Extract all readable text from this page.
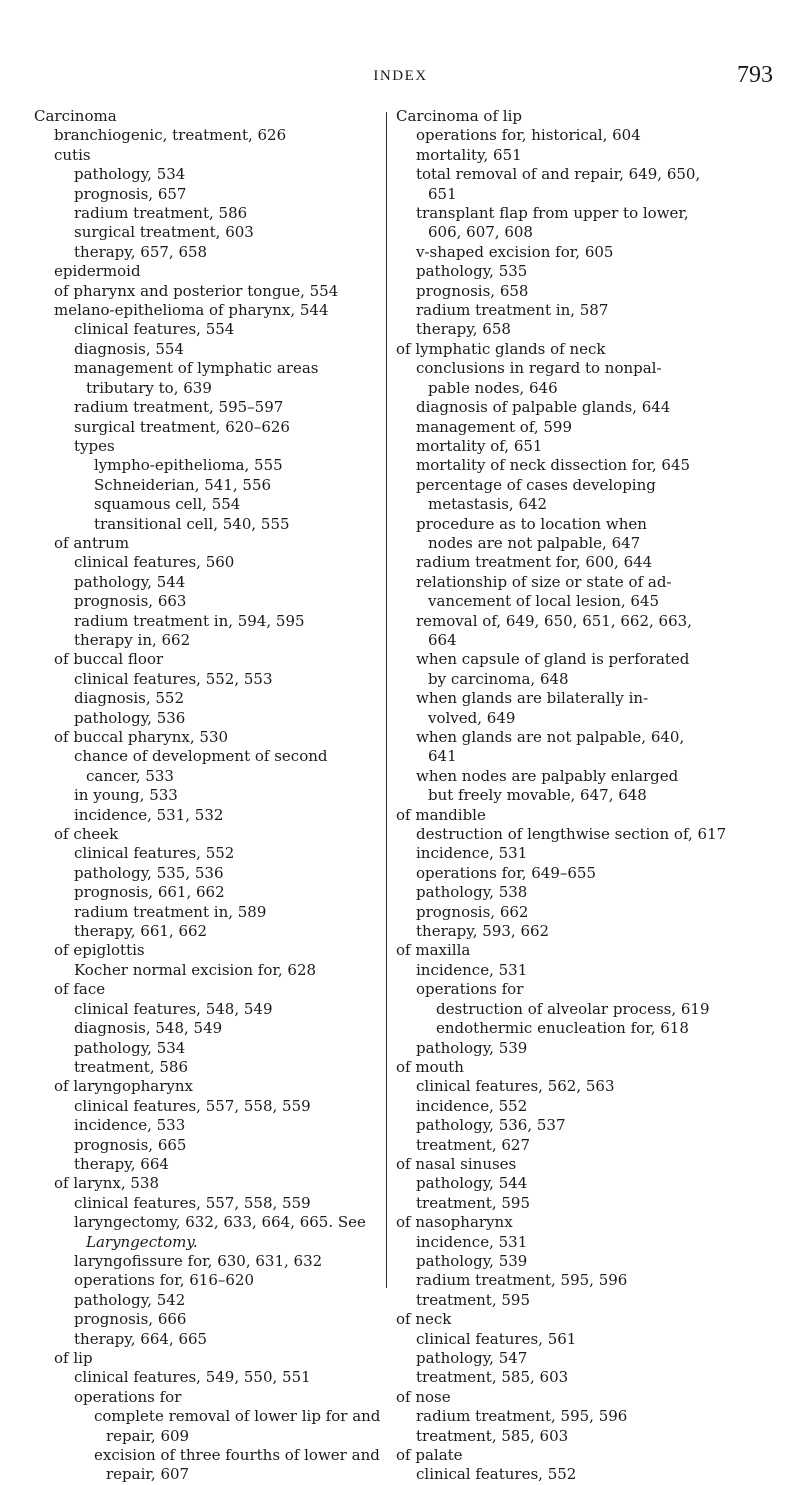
INDEX	793
Carcinoma
branchiogenic, treatment, 626
cutis
pathology, 534
prognosis, 657
radium treatment, 586
surgical treatment, 603
therapy, 657, 658
epidermoid
of pharynx and posterior tongue, 554
melano-epithelioma of pharynx, 544
clinical features, 554
diagnosis, 554
management of lymphatic areas
tributary to, 639
radium treatment, 595–597
surgical treatment, 620–626
types
lympho-epithelioma, 555
Schneiderian, 541, 556
squamous cell, 554
transitional cell, 540, 555
of antrum
clinical features, 560
pathology, 544
prognosis, 663
radium treatment in, 594, 595
therapy in, 662
of buccal floor
clinical features, 552, 553
diagnosis, 552
pathology, 536
of buccal pharynx, 530
chance of development of second
cancer, 533
in young, 533
incidence, 531, 532
of cheek
clinical features, 552
pathology, 535, 536
prognosis, 661, 662
radium treatment in, 589
therapy, 661, 662
of epiglottis
Kocher normal excision for, 628
of face
clinical features, 548, 549
diagnosis, 548, 549
pathology, 534
treatment, 586
of laryngopharynx
clinical features, 557, 558, 559
incidence, 533
prognosis, 665
therapy, 664
of larynx, 538
clinical features, 557, 558, 559
laryngectomy, 632, 633, 664, 665. See
Laryngectomy.
laryngofissure for, 630, 631, 632
operations for, 616–620
pathology, 542
prognosis, 666
therapy, 664, 665
of lip
clinical features, 549, 550, 551
operations for
complete removal of lower lip for and
repair, 609
excision of three fourths of lower and
repair, 607
Carcinoma of lip
operations for, historical, 604
mortality, 651
total removal of and repair, 649, 650,
651
transplant flap from upper to lower,
606, 607, 608
v-shaped excision for, 605
pathology, 535
prognosis, 658
radium treatment in, 587
therapy, 658
of lymphatic glands of neck
conclusions in regard to nonpal-
pable nodes, 646
diagnosis of palpable glands, 644
management of, 599
mortality of, 651
mortality of neck dissection for, 645
percentage of cases developing
metastasis, 642
procedure as to location when
nodes are not palpable, 647
radium treatment for, 600, 644
relationship of size or state of ad-
vancement of local lesion, 645
removal of, 649, 650, 651, 662, 663,
664
when capsule of gland is perforated
by carcinoma, 648
when glands are bilaterally in-
volved, 649
when glands are not palpable, 640,
641
when nodes are palpably enlarged
but freely movable, 647, 648
of mandible
destruction of lengthwise section of, 617
incidence, 531
operations for, 649–655
pathology, 538
prognosis, 662
therapy, 593, 662
of maxilla
incidence, 531
operations for
destruction of alveolar process, 619
endothermic enucleation for, 618
pathology, 539
of mouth
clinical features, 562, 563
incidence, 552
pathology, 536, 537
treatment, 627
of nasal sinuses
pathology, 544
treatment, 595
of nasopharynx
incidence, 531
pathology, 539
radium treatment, 595, 596
treatment, 595
of neck
clinical features, 561
pathology, 547
treatment, 585, 603
of nose
radium treatment, 595, 596
treatment, 585, 603
of palate
clinical features, 552
